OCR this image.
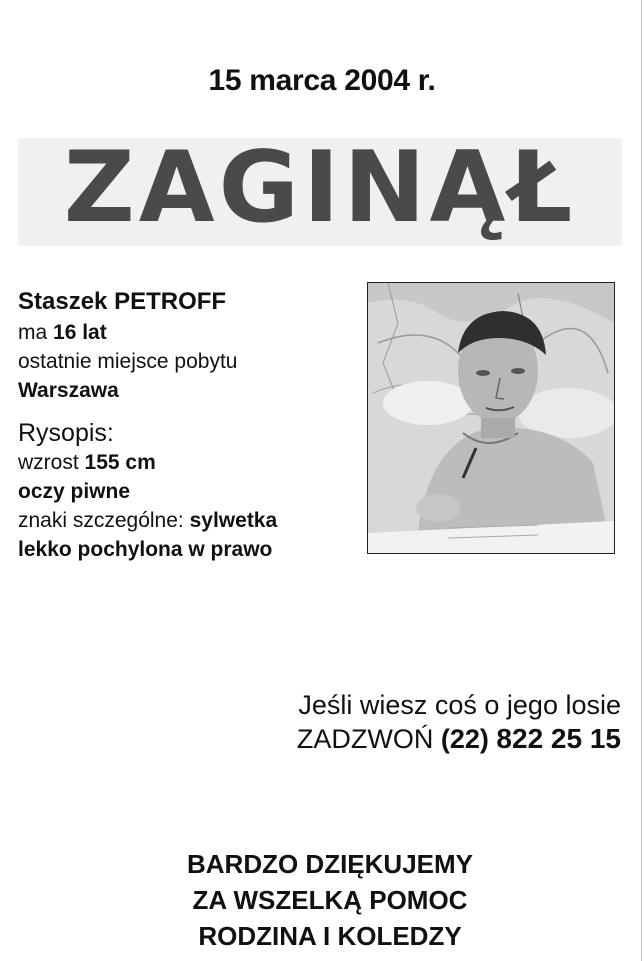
15 marca 2004 r.
ZAGINĄŁ
Staszek PETROFF
ma 16 lat
ostatnie miejsce pobytu
Warszawa
Rysopis:
wzrost 155 cm
oczy piwne
znaki szczególne: sylwetka
lekko pochylona w prawo
Jeśli wiesz coś o jego losie
ZADZWOŃ (22) 822 25 15
BARDZO DZIĘKUJEMY
ZA WSZELKĄ POMOC
RODZINA I KOLEDZY
